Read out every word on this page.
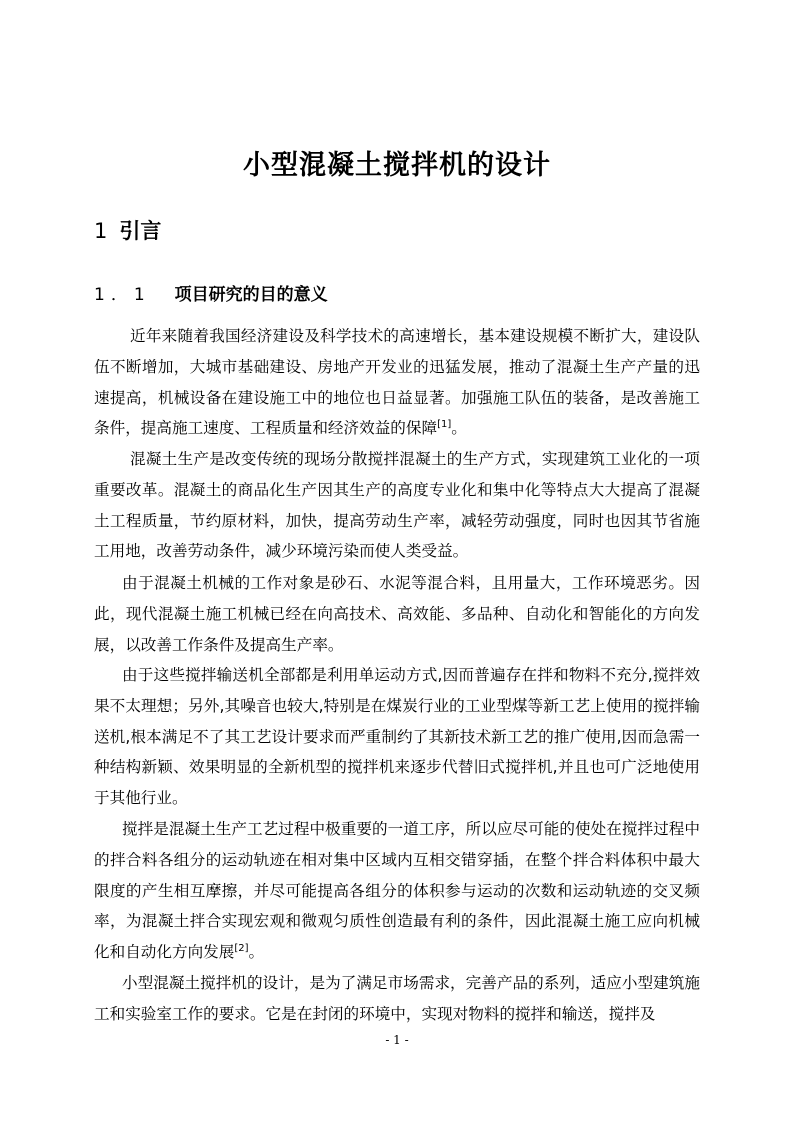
小型混凝土搅拌机的设计
1 引言
1．1 项目研究的目的意义

近年来随着我国经济建设及科学技术的高速增长，基本建设规模不断扩大，建设队伍不断增加，大城市基础建设、房地产开发业的迅猛发展，推动了混凝土生产产量的迅速提高，机械设备在建设施工中的地位也日益显著。加强施工队伍的装备，是改善施工条件，提高施工速度、工程质量和经济效益的保障[1]。

混凝土生产是改变传统的现场分散搅拌混凝土的生产方式，实现建筑工业化的一项重要改革。混凝土的商品化生产因其生产的高度专业化和集中化等特点大大提高了混凝土工程质量，节约原材料，加快，提高劳动生产率，减轻劳动强度，同时也因其节省施工用地，改善劳动条件，减少环境污染而使人类受益。

由于混凝土机械的工作对象是砂石、水泥等混合料，且用量大，工作环境恶劣。因此，现代混凝土施工机械已经在向高技术、高效能、多品种、自动化和智能化的方向发展，以改善工作条件及提高生产率。

由于这些搅拌输送机全部都是利用单运动方式,因而普遍存在拌和物料不充分,搅拌效果不太理想；另外,其噪音也较大,特别是在煤炭行业的工业型煤等新工艺上使用的搅拌输送机,根本满足不了其工艺设计要求而严重制约了其新技术新工艺的推广使用,因而急需一种结构新颖、效果明显的全新机型的搅拌机来逐步代替旧式搅拌机,并且也可广泛地使用于其他行业。

搅拌是混凝土生产工艺过程中极重要的一道工序，所以应尽可能的使处在搅拌过程中的拌合料各组分的运动轨迹在相对集中区域内互相交错穿插，在整个拌合料体积中最大限度的产生相互摩擦，并尽可能提高各组分的体积参与运动的次数和运动轨迹的交叉频率，为混凝土拌合实现宏观和微观匀质性创造最有利的条件，因此混凝土施工应向机械化和自动化方向发展[2]。

小型混凝土搅拌机的设计，是为了满足市场需求，完善产品的系列，适应小型建筑施工和实验室工作的要求。它是在封闭的环境中，实现对物料的搅拌和输送，搅拌及

- 1 -
